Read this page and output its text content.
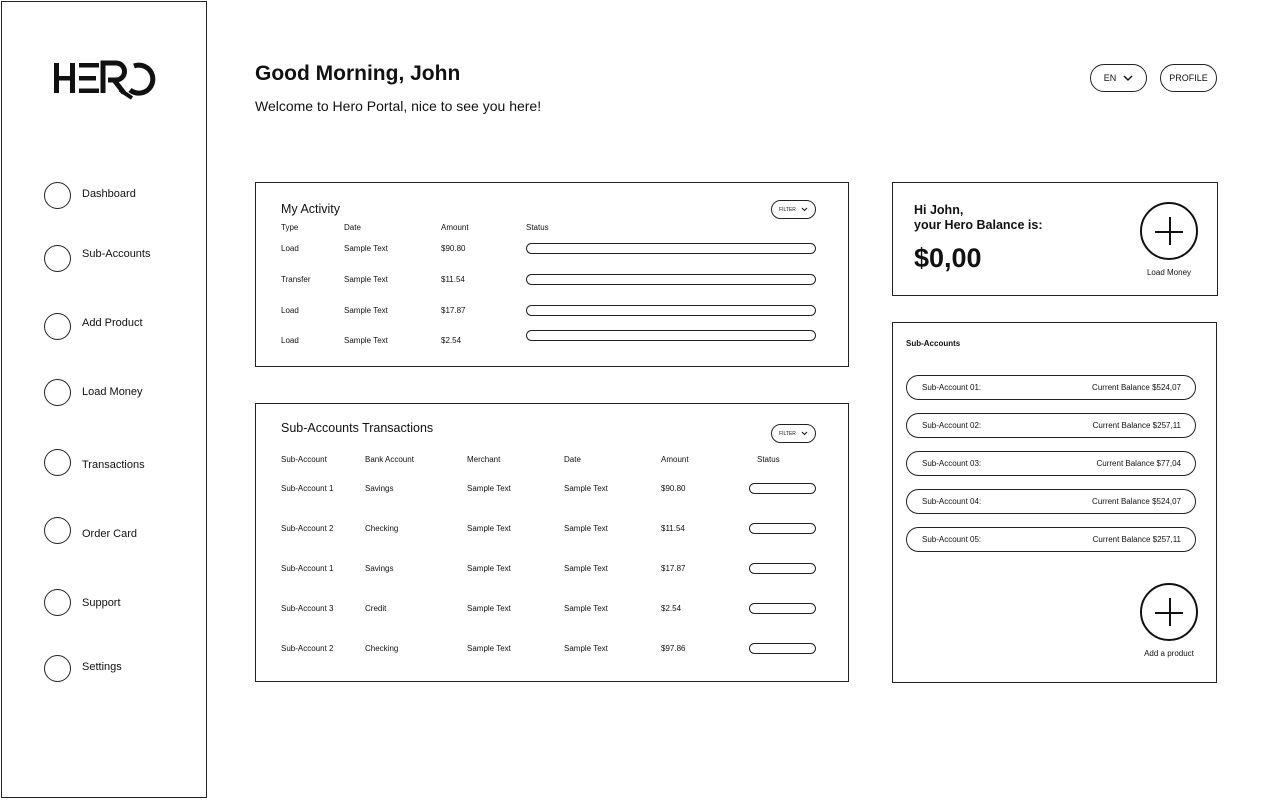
Dashboard
Sub-Accounts
Add Product
Load Money
Transactions
Order Card
Support
Settings
Good Morning, John
Welcome to Hero Portal, nice to see you here!
EN	PROFILE
My Activity	FILTER
Type	Date	Amount	Status
Load	Sample Text	$90.80
Transfer	Sample Text	$11.54
Load	Sample Text	$17.87
Load	Sample Text	$2.54
Sub-Accounts Transactions	FILTER
Sub-Account	Bank Account	Merchant	Date	Amount	Status
Sub-Account 1	Savings	Sample Text	Sample Text	$90.80
Sub-Account 2	Checking	Sample Text	Sample Text	$11.54
Sub-Account 1	Savings	Sample Text	Sample Text	$17.87
Sub-Account 3	Credit	Sample Text	Sample Text	$2.54
Sub-Account 2	Checking	Sample Text	Sample Text	$97.86
Hi John,
your Hero Balance is:
$0,00	Load Money
Sub-Accounts
Sub-Account 01:	Current Balance $524,07
Sub-Account 02:	Current Balance $257,11
Sub-Account 03:	Current Balance $77,04
Sub-Account 04:	Current Balance $524,07
Sub-Account 05:	Current Balance $257,11
Add a product
